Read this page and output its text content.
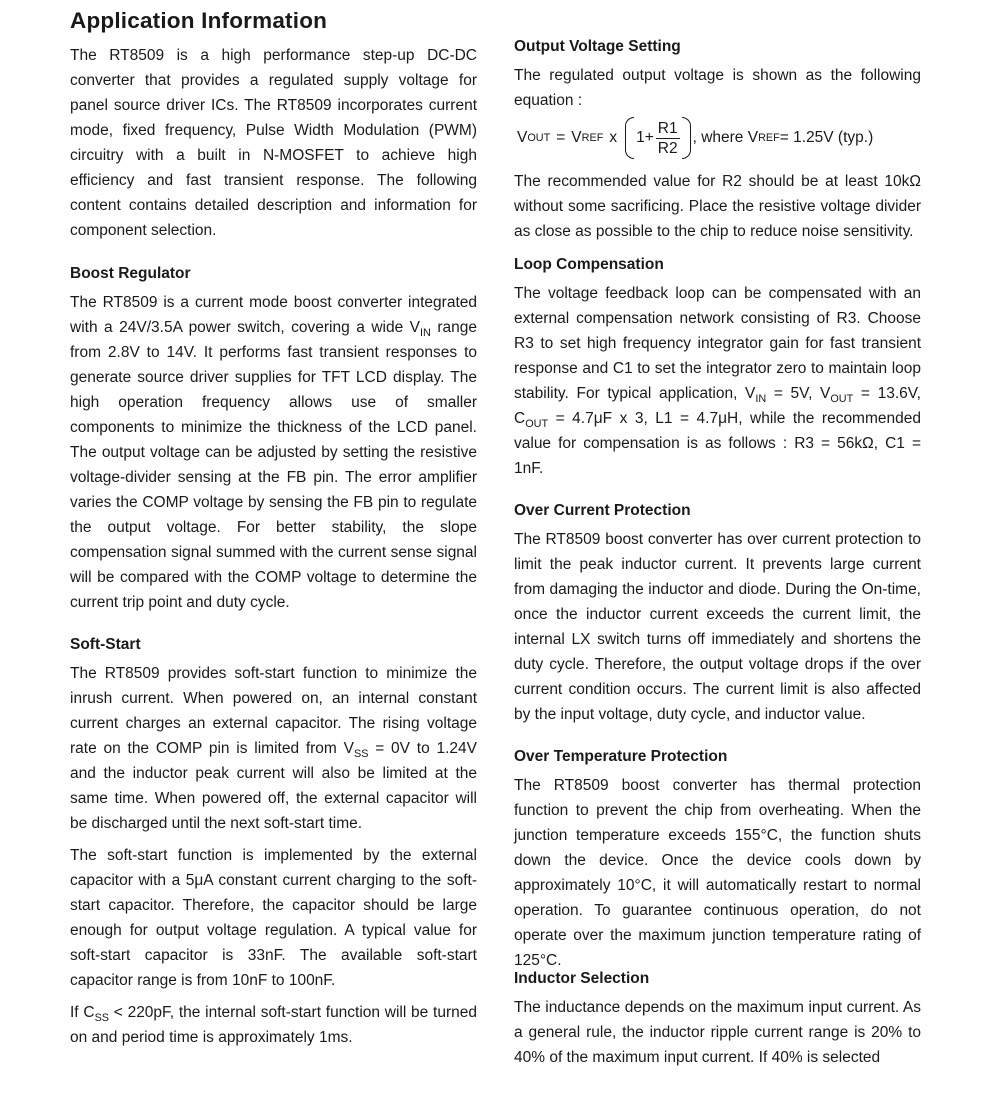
Application Information

The RT8509 is a high performance step-up DC-DC converter that provides a regulated supply voltage for panel source driver ICs. The RT8509 incorporates current mode, fixed frequency, Pulse Width Modulation (PWM) circuitry with a built in N-MOSFET to achieve high efficiency and fast transient response. The following content contains detailed description and information for component selection.

Boost Regulator

The RT8509 is a current mode boost converter integrated with a 24V/3.5A power switch, covering a wide $V_{IN}$ range from 2.8V to 14V. It performs fast transient responses to generate source driver supplies for TFT LCD display. The high operation frequency allows use of smaller components to minimize the thickness of the LCD panel. The output voltage can be adjusted by setting the resistive voltage-divider sensing at the FB pin. The error amplifier varies the COMP voltage by sensing the FB pin to regulate the output voltage. For better stability, the slope compensation signal summed with the current sense signal will be compared with the COMP voltage to determine the current trip point and duty cycle.

Soft-Start

The RT8509 provides soft-start function to minimize the inrush current. When powered on, an internal constant current charges an external capacitor. The rising voltage rate on the COMP pin is limited from $V_{SS} = 0V$ to 1.24V and the inductor peak current will also be limited at the same time. When powered off, the external capacitor will be discharged until the next soft-start time.

The soft-start function is implemented by the external capacitor with a 5μA constant current charging to the soft-start capacitor. Therefore, the capacitor should be large enough for output voltage regulation. A typical value for soft-start capacitor is 33nF. The available soft-start capacitor range is from 10nF to 100nF.

If $C_{SS} < 220pF$, the internal soft-start function will be turned on and period time is approximately 1ms.

Output Voltage Setting

The regulated output voltage is shown as the following equation :

V OUT = V REF x $1+ \frac{R1}{R2}$ , where V REF = 1.25V (typ.)

The recommended value for R2 should be at least 10kΩ without some sacrificing. Place the resistive voltage divider as close as possible to the chip to reduce noise sensitivity.

Loop Compensation

The voltage feedback loop can be compensated with an external compensation network consisting of R3. Choose R3 to set high frequency integrator gain for fast transient response and C1 to set the integrator zero to maintain loop stability. For typical application, $V_{IN} = 5V$, $V_{OUT} = 13.6V$, $C_{OUT} = 4.7\mu F$ x 3, L1 = 4.7μH, while the recommended value for compensation is as follows : R3 = 56kΩ, C1 = 1nF.

Over Current Protection

The RT8509 boost converter has over current protection to limit the peak inductor current. It prevents large current from damaging the inductor and diode. During the On-time, once the inductor current exceeds the current limit, the internal LX switch turns off immediately and shortens the duty cycle. Therefore, the output voltage drops if the over current condition occurs. The current limit is also affected by the input voltage, duty cycle, and inductor value.

Over Temperature Protection

The RT8509 boost converter has thermal protection function to prevent the chip from overheating. When the junction temperature exceeds 155°C, the function shuts down the device. Once the device cools down by approximately 10°C, it will automatically restart to normal operation. To guarantee continuous operation, do not operate over the maximum junction temperature rating of 125°C.

Inductor Selection

The inductance depends on the maximum input current. As a general rule, the inductor ripple current range is 20% to 40% of the maximum input current. If 40% is selected
